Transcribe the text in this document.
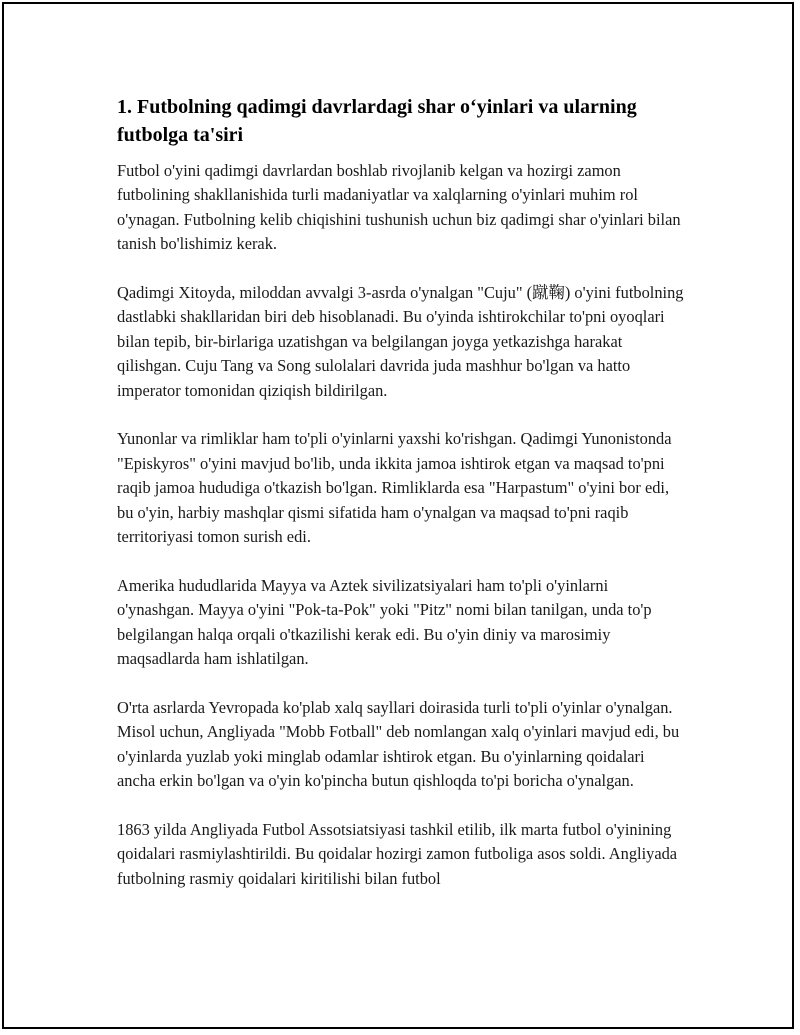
1. Futbolning qadimgi davrlardagi shar o‘yinlari va ularning futbolga ta'siri

Futbol o'yini qadimgi davrlardan boshlab rivojlanib kelgan va hozirgi zamon futbolining shakllanishida turli madaniyatlar va xalqlarning o'yinlari muhim rol o'ynagan. Futbolning kelib chiqishini tushunish uchun biz qadimgi shar o'yinlari bilan tanish bo'lishimiz kerak.

Qadimgi Xitoyda, miloddan avvalgi 3-asrda o'ynalgan "Cuju" (蹴鞠) o'yini futbolning dastlabki shakllaridan biri deb hisoblanadi. Bu o'yinda ishtirokchilar to'pni oyoqlari bilan tepib, bir-birlariga uzatishgan va belgilangan joyga yetkazishga harakat qilishgan. Cuju Tang va Song sulolalari davrida juda mashhur bo'lgan va hatto imperator tomonidan qiziqish bildirilgan.

Yunonlar va rimliklar ham to'pli o'yinlarni yaxshi ko'rishgan. Qadimgi Yunonistonda "Episkyros" o'yini mavjud bo'lib, unda ikkita jamoa ishtirok etgan va maqsad to'pni raqib jamoa hududiga o'tkazish bo'lgan. Rimliklarda esa "Harpastum" o'yini bor edi, bu o'yin, harbiy mashqlar qismi sifatida ham o'ynalgan va maqsad to'pni raqib territoriyasi tomon surish edi.

Amerika hududlarida Mayya va Aztek sivilizatsiyalari ham to'pli o'yinlarni o'ynashgan. Mayya o'yini "Pok-ta-Pok" yoki "Pitz" nomi bilan tanilgan, unda to'p belgilangan halqa orqali o'tkazilishi kerak edi. Bu o'yin diniy va marosimiy maqsadlarda ham ishlatilgan.

O'rta asrlarda Yevropada ko'plab xalq sayllari doirasida turli to'pli o'yinlar o'ynalgan. Misol uchun, Angliyada "Mobb Fotball" deb nomlangan xalq o'yinlari mavjud edi, bu o'yinlarda yuzlab yoki minglab odamlar ishtirok etgan. Bu o'yinlarning qoidalari ancha erkin bo'lgan va o'yin ko'pincha butun qishloqda to'pi boricha o'ynalgan.

1863 yilda Angliyada Futbol Assotsiatsiyasi tashkil etilib, ilk marta futbol o'yinining qoidalari rasmiylashtirildi. Bu qoidalar hozirgi zamon futboliga asos soldi. Angliyada futbolning rasmiy qoidalari kiritilishi bilan futbol
